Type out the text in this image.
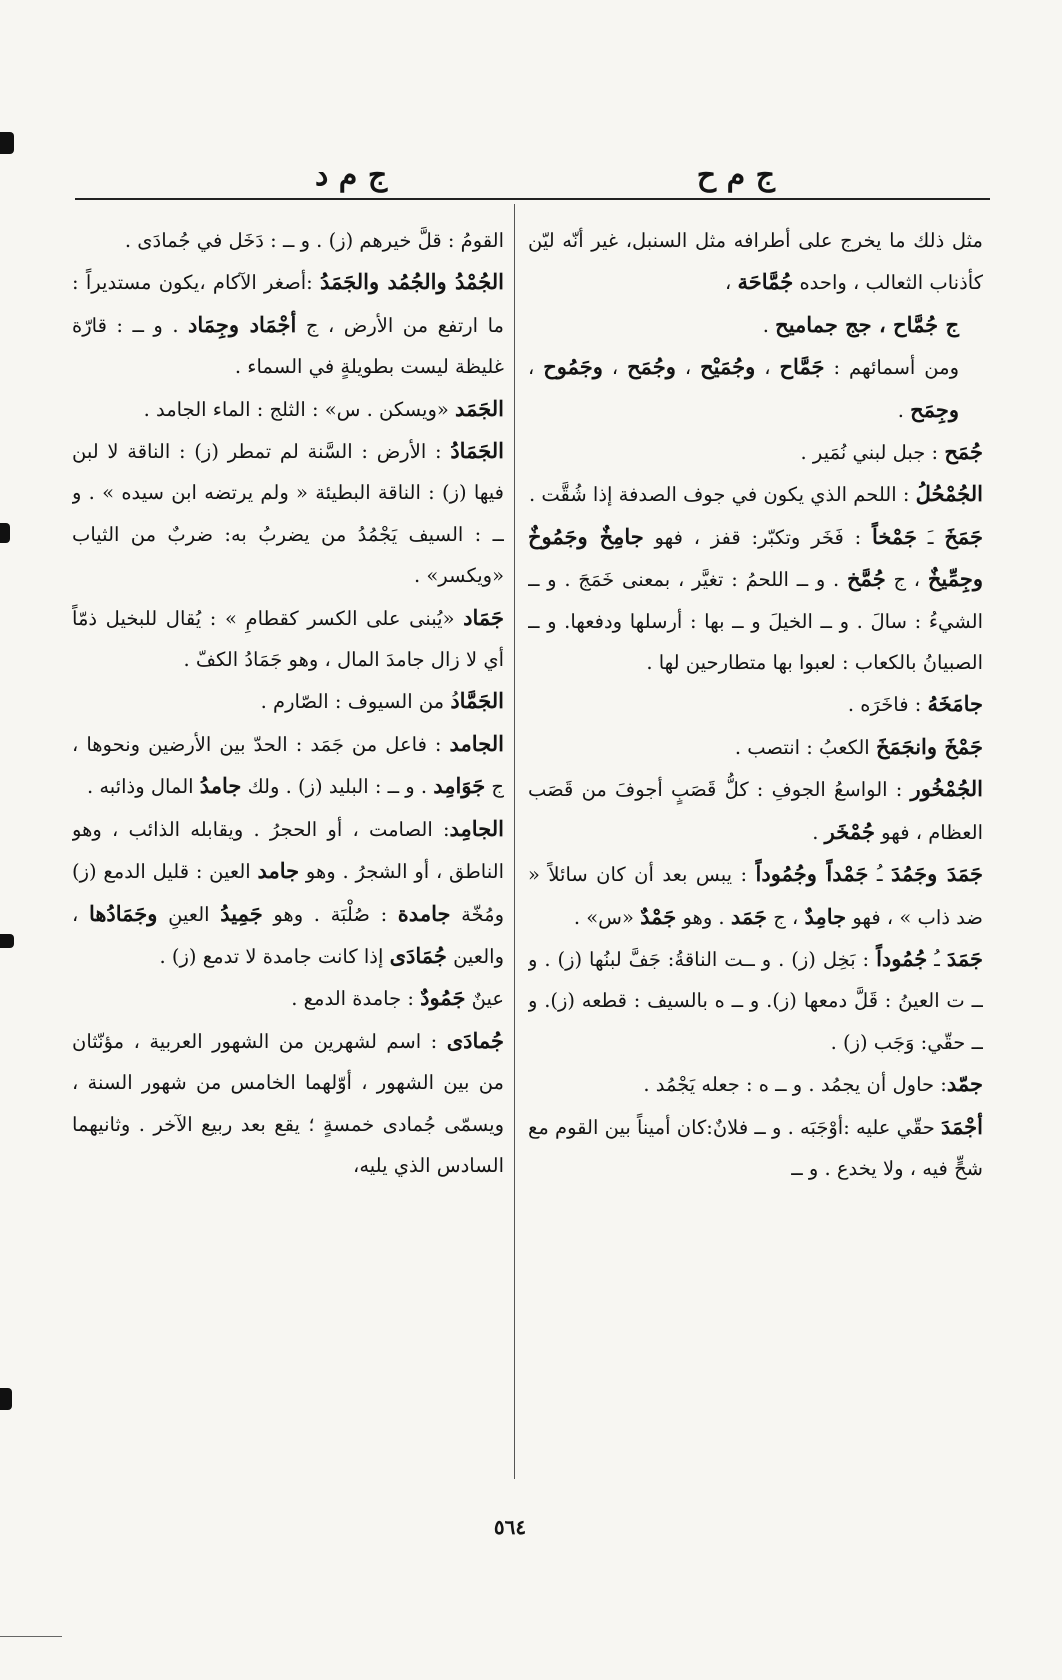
ج م ح
ج م د

مثل ذلك ما يخرج على أطرافه مثل السنبل، غير أنّه ليّن كأذناب الثعالب ، واحده جُمَّاحَة ،

ج جُمَّاح ، جج جماميح .

ومن أسمائهم : جَمَّاح ، وجُمَيْح ، وجُمَح ، وجَمُوح ، وجِمَح .

جُمَح : جبل لبني نُمَير .

الجُمْحُلُ : اللحم الذي يكون في جوف الصدفة إذا شُقَّت .

جَمَخَ ـَ جَمْخاً : فَخَر وتكبّر: قفز ، فهو جامِخٌ وجَمُوخٌ وجِمِّيخٌ ، ج جُمَّخ . و ــ اللحمُ : تغيَّر ، بمعنى خَمَجَ . و ــ الشيءُ : سالَ . و ــ الخيلَ و ــ بها : أرسلها ودفعها. و ــ الصبيانُ بالكعاب : لعبوا بها متطارحين لها .

جامَخَهُ : فاخَرَه .

جَمْخَ وانجَمَخَ الكعبُ : انتصب .

الجُمْخُور : الواسعُ الجوفِ : كلُّ قَصَبٍ أجوفَ من قَصَب العظام ، فهو جُمْخَر .

جَمَدَ وجَمُدَ ـُ جَمْداً وجُمُوداً : يبس بعد أن كان سائلاً « ضد ذاب » ، فهو جامِدٌ ، ج جَمَد . وهو جَمْدٌ «س» .

جَمَدَ ـُ جُمُوداً : بَخِل (ز) . و ــت الناقةُ: جَفَّ لبنُها (ز) . و ــ ت العينُ : قَلَّ دمعها (ز). و ــ ه بالسيف : قطعه (ز). و ــ حقّي: وَجَب (ز) .

جمّد: حاول أن يجمُد . و ــ ه : جعله يَجْمُد .

أجْمَدَ حقّي عليه :أوْجَبَه . و ــ فلانٌ:كان أميناً بين القوم مع شحٍّ فيه ، ولا يخدع . و ــ

القومُ : قلَّ خيرهم (ز) . و ــ : دَخَل في جُمادَى .

الجُمْدُ والجُمُد والجَمَدُ :أصغر الآكام ،يكون مستديراً : ما ارتفع من الأرض ، ج أجْمَاد وجِمَاد . و ــ : قارّة غليظة ليست بطويلةٍ في السماء .

الجَمَد «ويسكن . س» : الثلج : الماء الجامد .

الجَمَادُ : الأرض : السَّنة لم تمطر (ز) : الناقة لا لبن فيها (ز) : الناقة البطيئة « ولم يرتضه ابن سيده » . و ــ : السيف يَجْمُدُ من يضربُ به: ضربٌ من الثياب «ويكسر» .

جَمَاد «يُبنى على الكسر كقطامِ » : يُقال للبخيل ذمّاً أي لا زال جامدَ المال ، وهو جَمَادُ الكفّ .

الجَمَّادُ من السيوف : الصّارم .

الجامد : فاعل من جَمَد : الحدّ بين الأرضين ونحوها ، ج جَوَامِد . و ــ : البليد (ز) . ولك جامدُ المال وذائبه .

الجامِد: الصامت ، أو الحجرُ . ويقابله الذائب ، وهو الناطق ، أو الشجرُ . وهو جامد العين : قليل الدمع (ز) ومُخّة جامدة : صُلْبَة . وهو جَمِيدُ العينِ وجَمَادُها ، والعين جُمَادَى إذا كانت جامدة لا تدمع (ز) .

عينٌ جَمُودٌ : جامدة الدمع .

جُمادَى : اسم لشهرين من الشهور العربية ، مؤنّثان من بين الشهور ، أوّلهما الخامس من شهور السنة ، ويسمّى جُمادى خمسةٍ ؛ يقع بعد ربيع الآخر . وثانيهما السادس الذي يليه،

٥٦٤
